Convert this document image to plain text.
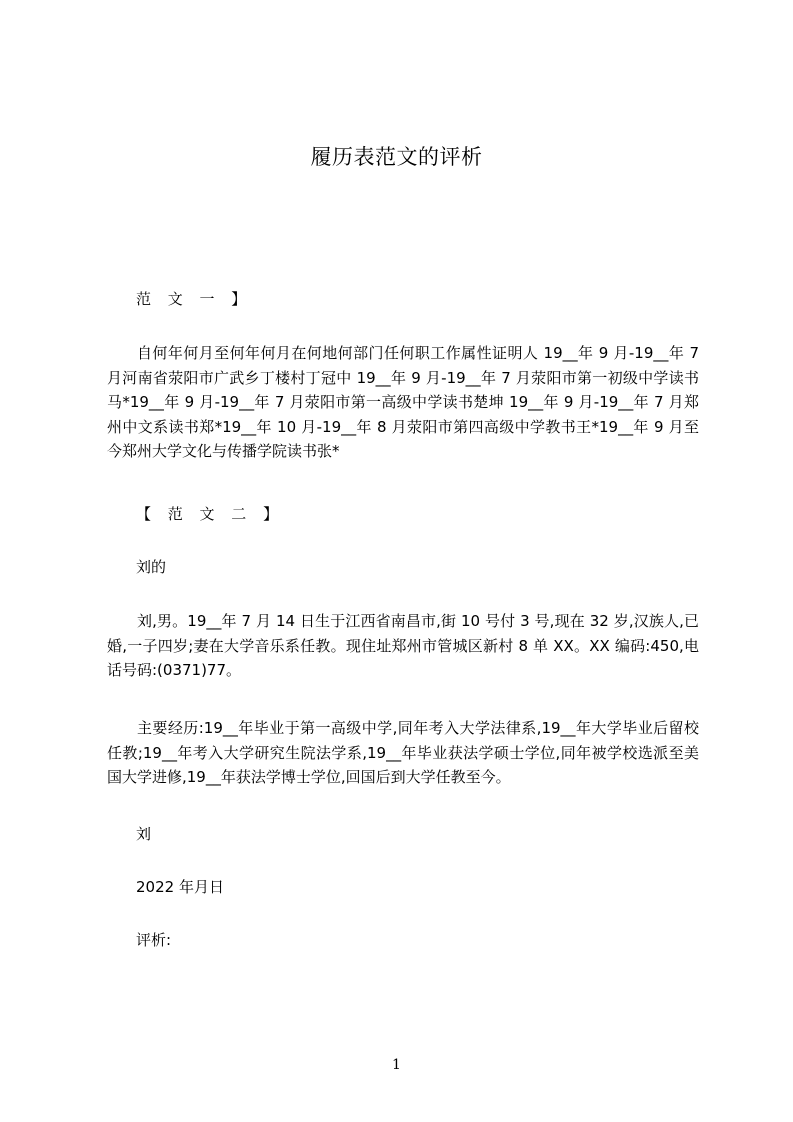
履历表范文的评析
范 文 一 】
自何年何月至何年何月在何地何部门任何职工作属性证明人 19__年 9 月-19__年 7 月河南省荥阳市广武乡丁楼村丁冠中 19__年 9 月-19__年 7 月荥阳市第一初级中学读书马*19__年 9 月-19__年 7 月荥阳市第一高级中学读书楚坤 19__年 9 月-19__年 7 月郑州中文系读书郑*19__年 10 月-19__年 8 月荥阳市第四高级中学教书王*19__年 9 月至今郑州大学文化与传播学院读书张*
【 范 文 二 】
刘的
刘,男。19__年 7 月 14 日生于江西省南昌市,街 10 号付 3 号,现在 32 岁,汉族人,已婚,一子四岁;妻在大学音乐系任教。现住址郑州市管城区新村 8 单 XX。XX 编码:450,电话号码:(0371)77。
主要经历:19__年毕业于第一高级中学,同年考入大学法律系,19__年大学毕业后留校任教;19__年考入大学研究生院法学系,19__年毕业获法学硕士学位,同年被学校选派至美国大学进修,19__年获法学博士学位,回国后到大学任教至今。
刘
2022 年月日
评析:
1
